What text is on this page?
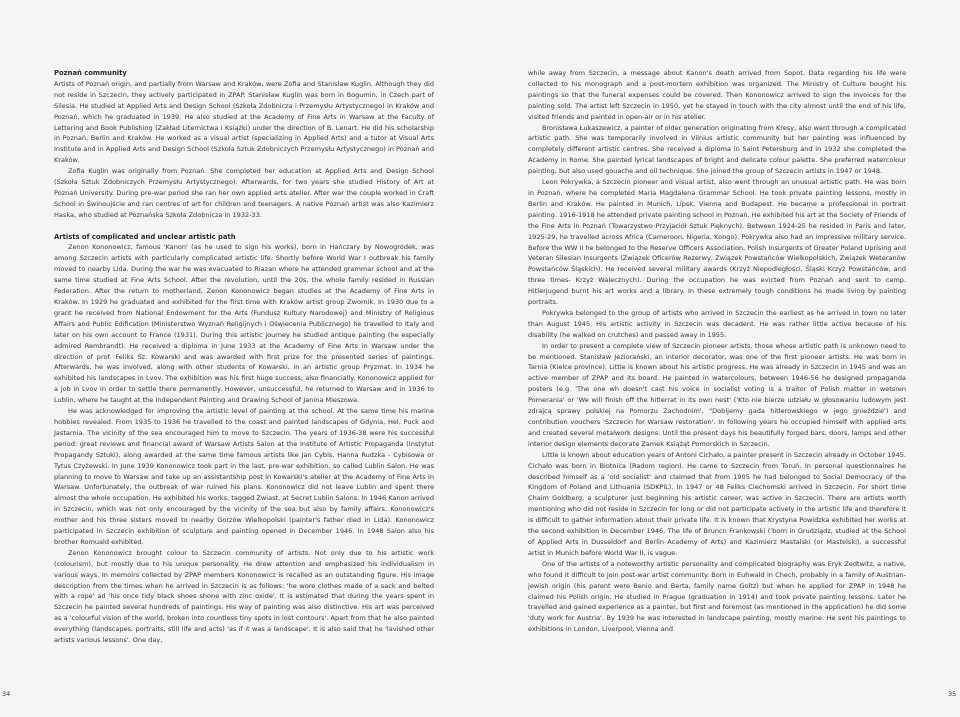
Poznań community

Artists of Poznań origin, and partially from Warsaw and Kraków, were Zofia and Stanisław Kuglin. Although they did not reside in Szczecin, they actively participated in ZPAP. Stanisław Kuglin was born in Bogumin, in Czech part of Silesia. He studied at Applied Arts and Design School (Szkoła Zdobnicza i Przemysłu Artystycznego) in Kraków and Poznań, which he graduated in 1939. He also studied at the Academy of Fine Arts in Warsaw at the Faculty of Lettering and Book Publishing (Zakład Liternictwa i Książki) under the direction of B. Lenart. He did his scholarship in Poznań, Berlin and Kraków. He worked as a visual artist (specializing in Applied Arts) and a tutor at Visual Arts Institute and in Applied Arts and Design School (Szkoła Sztuk Zdobniczych Przemysłu Artystycznego) in Poznań and Kraków.

Zofia Kuglin was originally from Poznań. She completed her education at Applied Arts and Design School (Szkoła Sztuk Zdobniczych Przemysłu Artystycznego). Afterwards, for two years she studied History of Art at Poznań University. During pre-war period she ran her own applied arts atelier. After war the couple worked in Craft School in Świnoujście and ran centres of art for children and teenagers. A native Poznań artist was also Kazimierz Haska, who studied at Poznańska Szkoła Zdobnicza in 1932-33.

Artists of complicated and unclear artistic path

Zenon Kononowicz, famous 'Kanon' (as he used to sign his works), born in Hańczary by Nowogródek, was among Szczecin artists with particularly complicated artistic life. Shortly before World War I outbreak his family moved to nearby Lida. During the war he was evacuated to Riazan where he attended grammar school and at the same time studied at Fine Arts School. After the revolution, until the 20s, the whole family resided in Russian Federation. After the return to motherland, Zenon Kononowicz began studies at the Academy of Fine Arts in Kraków. In 1929 he graduated and exhibited for the first time with Kraków artist group Zwornik. In 1930 due to a grant he received from National Endowment for the Arts (Fundusz Kultury Narodowej) and Ministry of Religious Affairs and Public Edification (Ministerstwo Wyznań Religijnych i Oświecenia Publicznego) he travelled to Italy and later on his own account to France (1931). During this artistic journey he studied antique painting (he especially admired Rembrandt). He received a diploma in June 1933 at the Academy of Fine Arts in Warsaw under the direction of prof. Feliks Sz. Kowarski and was awarded with first prize for the presented series of paintings. Afterwards, he was involved, along with other students of Kowarski, in an artistic group Pryzmat. In 1934 he exhibited his landscapes in Lvov. The exhibition was his first huge success, also financially. Kononowicz applied for a job in Lvov in order to settle there permanently. However, unsuccessful, he returned to Warsaw and in 1936 to Lublin, where he taught at the Independent Painting and Drawing School of Janina Mieszowa.

He was acknowledged for improving the artistic level of painting at the school. At the same time his marine hobbies revealed. From 1935 to 1936 he travelled to the coast and painted landscapes of Gdynia, Hel, Puck and Jastarnia. The vicinity of the sea encouraged him to move to Szczecin. The years of 1936-38 were his successful period: great reviews and financial award of Warsaw Artists Salon at the Institute of Artistic Propaganda (Instytut Propagandy Sztuki), along awarded at the same time famous artists like Jan Cybis, Hanna Rudzka - Cybisowa or Tytus Czyżewski. In June 1939 Kononowicz took part in the last, pre-war exhibition, so called Lublin Salon. He was planning to move to Warsaw and take up an assistantship post in Kowarski's atelier at the Academy of Fine Arts in Warsaw. Unfortunately, the outbreak of war ruined his plans. Kononowicz did not leave Lublin and spent there almost the whole occupation. He exhibited his works, tagged Zwiast, at Secret Lublin Salons. In 1946 Kanon arrived in Szczecin, which was not only encouraged by the vicinity of the sea but also by family affairs. Kononowicz's mother and his three sisters moved to nearby Gorzów Wielkopolski (painter's father died in Lida). Kononowicz participated in Szczecin exhibition of sculpture and painting opened in December 1946. In 1948 Salon also his brother Romuald exhibited.

Zenon Kononowicz brought colour to Szczecin community of artists. Not only due to his artistic work (colourism), but mostly due to his unique personality. He drew attention and emphasized his individualism in various ways. In memoirs collected by ZPAP members Kononowicz is recalled as an outstanding figure. His image description from the times when he arrived in Szczecin is as follows: 'he wore clothes made of a sack and belted with a rope' ad 'his once tidy black shoes shone with zinc oxide'. It is estimated that during the years spent in Szczecin he painted several hundreds of paintings. His way of painting was also distinctive. His art was perceived as a 'colourful vision of the world, broken into countless tiny spots in lost contours'. Apart from that he also painted everything (landscapes, portraits, still life and acts) 'as if it was a landscape'. It is also said that he 'lavished other artists various lessons'. One day,

while away from Szczecin, a message about Kanon's death arrived from Sopot. Data regarding his life were collected to his monograph and a post-mortem exhibition was organized. The Ministry of Culture bought his paintings so that the funeral expenses could be covered. Then Kononowicz arrived to sign the invoices for the painting sold. The artist left Szczecin in 1950, yet he stayed in touch with the city almost until the end of his life, visited friends and painted in open-air or in his atelier.

Bronisława Łukaszewicz, a painter of older generation originating from Kresy, also went through a complicated artistic path. She was temporarily involved in Vilnius artistic community but her painting was influenced by completely different artistic centres. She received a diploma in Saint Petersburg and in 1932 she completed the Academy in Rome. She painted lyrical landscapes of bright and delicate colour palette. She preferred watercolour painting, but also used gouache and oil technique. She joined the group of Szczecin artists in 1947 or 1948.

Leon Pokrywka, a Szczecin pioneer and visual artist, also went through an unusual artistic path. He was born in Poznań, where he completed Maria Magdalena Grammar School. He took private painting lessons, mostly in Berlin and Kraków. He painted in Munich, Lipsk, Vienna and Budapest. He became a professional in portrait painting. 1916-1918 he attended private painting school in Poznań. He exhibited his art at the Society of Friends of the Fine Arts in Poznań (Towarzystwo Przyjaciół Sztuk Pięknych). Between 1924-25 he resided in Paris and later, 1925-29, he travelled across Africa (Cameroon, Nigeria, Kongo). Pokrywka also had an impressive military service. Before the WW II he belonged to the Reserve Officers Association, Polish Insurgents of Greater Poland Uprising and Veteran Silesian Insurgents (Związek Oficerów Rezerwy, Związek Powstańców Wielkopolskich, Związek Weteranów Powstańców Śląskich). He received several military awards (Krzyż Niepodległości, Śląski Krzyż Powstańców, and three times- Krzyż Walecznych). During the occupation he was evicted from Poznań and sent to camp. Hitlerjugend burnt his art works and a library. In these extremely tough conditions he made living by painting portraits.

Pokrywka belonged to the group of artists who arrived in Szczecin the earliest as he arrived in town no later than August 1945. His artistic activity in Szczecin was decadent. He was rather little active because of his disability (he walked on crutches) and passed away in 1955.

In order to present a complete view of Szczecin pioneer artists, those whose artistic path is unknown need to be mentioned. Stanisław Jeziorański, an interior decorator, was one of the first pioneer artists. He was born in Tarnia (Kielce province). Little is known about his artistic progress. He was already in Szczecin in 1945 and was an active member of ZPAP and its board. He painted in watercolours, between 1946-56 he designed propaganda posters (e.g. 'The one wh doesn't cast his voice in socialist voting is a traitor of Polish matter in wetsren Pomerania' or 'We will finish off the hitlerrat in its own nest' ('Kto nie bierze udziału w głosowaniu ludowym jest zdrajcą sprawy polskiej na Pomorzu Zachodnim', "Dobijemy gada hitlerowskiego w jego gnieździe') and contribution vouchers 'Szczecin for Warsaw restoration'. In following years he occupied himself with applied arts and created several metalwork designs. Until the present days his beautifully forged bars, doors, lamps and other interior design elements decorate Zamek Książąt Pomorskich in Szczecin.

Little is known about education years of Antoni Cichało, a painter present in Szczecin already in October 1945. Cichało was born in Biotnica (Radom region). He came to Szczecin from Toruń. In personal questionnaires he described himself as a 'old socialist' and claimed that from 1905 he had belonged to Social Democracy of the Kingdom of Poland and Lithuania (SDKPiL). In 1947 or 48 Feliks Ciechomski arrived in Szczecin. For short time Chaim Goldberg, a sculpturer just beginning his artistic career, was active in Szczecin. There are artists worth mentioning who did not reside in Szczecin for long or did not participate actively in the artistic life and therefore it is difficult to gather information about their private life. It is known that Krystyna Powidzka exhibited her works at the second exhibition in December 1946. The life of Bruncn Frankowski ('born in Grudziądz, studied at the School of Applied Arts in Dusseldorf and Berlin Academy of Arts) and Kazimierz Mastalski (or Mastelski), a successful artist in Munich before World War II, is vague.

One of the artists of a noteworthy artistic personality and complicated biography was Eryk Zedtwitz, a native, who found it difficult to join post-war artist community. Born in Euhwald in Chech, probably in a family of Austrian-jewish origin (his parent were Benio and Berta, family name Goltz) but when he applied for ZPAP in 1948 he claimed his Polish origin. He studied in Prague (graduation in 1914) and took private painting lessons. Later he travelled and gained experience as a painter, but first and foremost (as mentioned in the application) he did some 'duty work for Austria'. By 1939 he was interested in landscape painting, mostly marine. He sent his paintings to exhibitions in London, Liverpool, Vienna and

34	35
